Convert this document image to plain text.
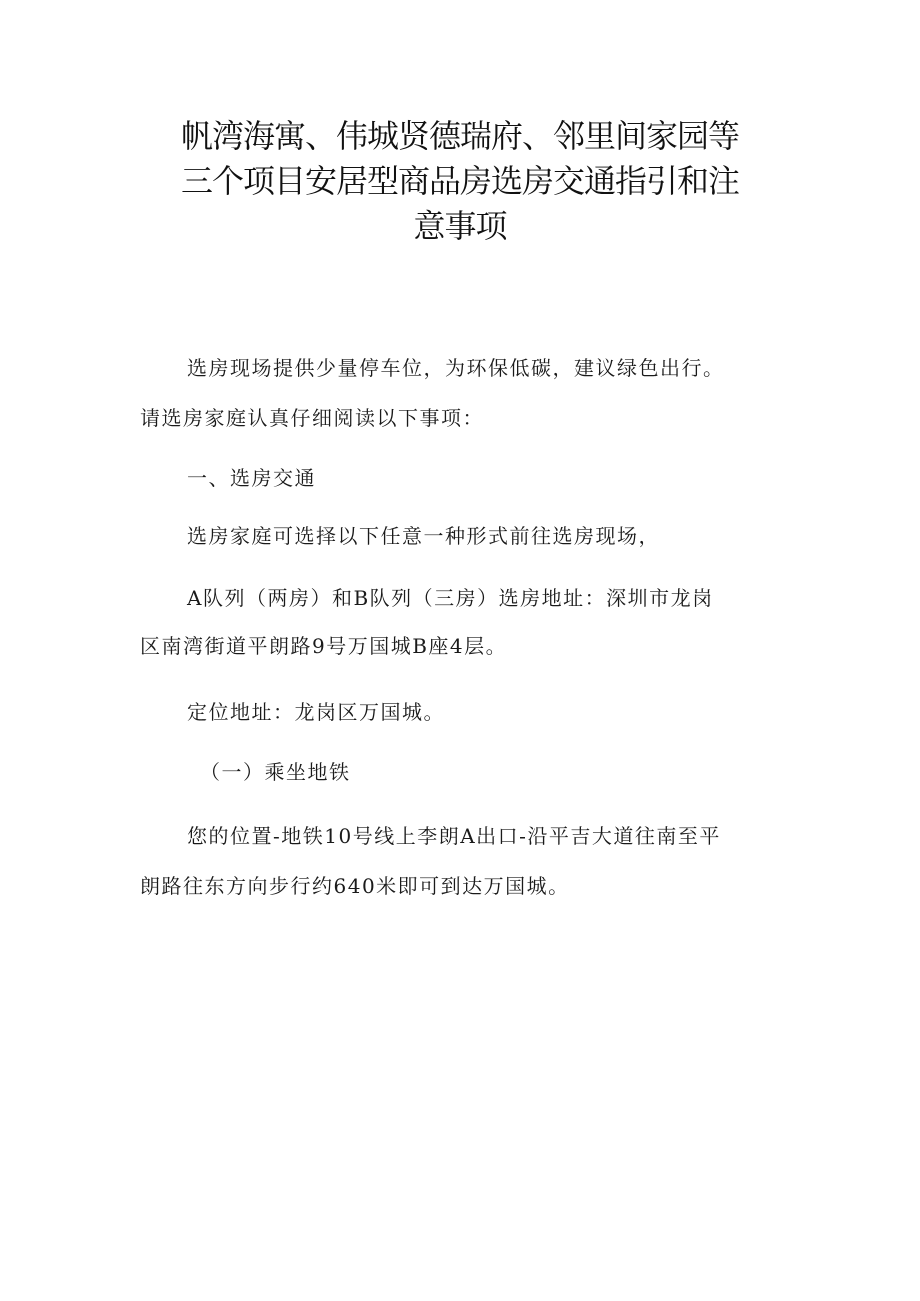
帆湾海寓、伟城贤德瑞府、邻里间家园等
三个项目安居型商品房选房交通指引和注
意事项

选房现场提供少量停车位，为环保低碳，建议绿色出行。

请选房家庭认真仔细阅读以下事项：

一、选房交通

选房家庭可选择以下任意一种形式前往选房现场，

A队列（两房）和B队列（三房）选房地址：深圳市龙岗

区南湾街道平朗路9号万国城B座4层。

定位地址：龙岗区万国城。

（一）乘坐地铁

您的位置-地铁10号线上李朗A出口-沿平吉大道往南至平

朗路往东方向步行约640米即可到达万国城。
